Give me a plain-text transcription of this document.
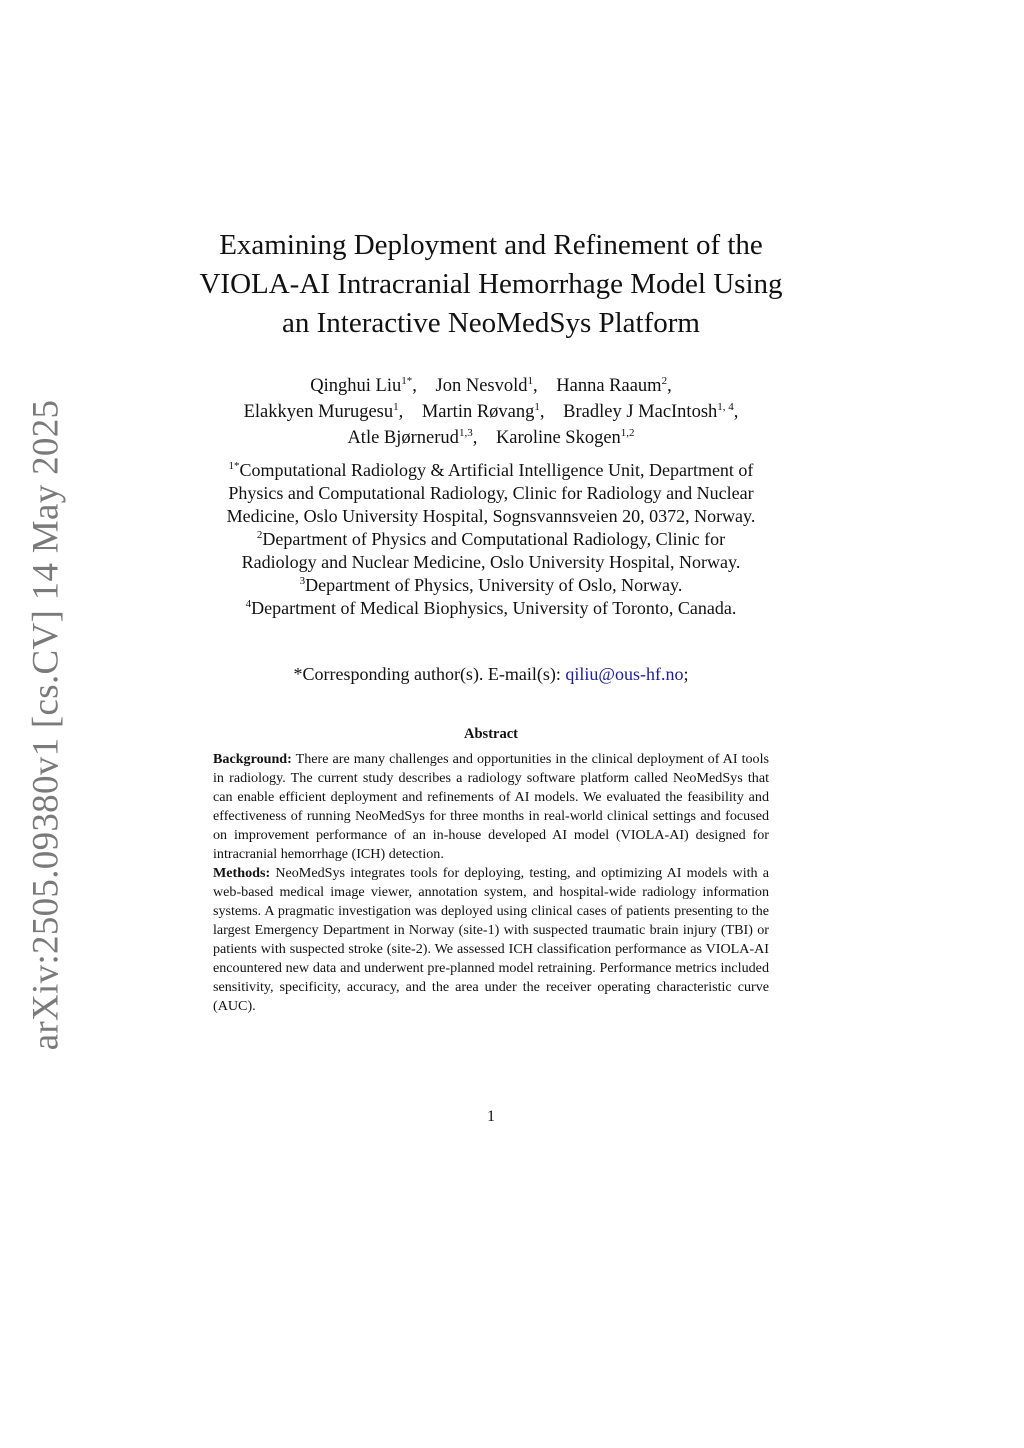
arXiv:2505.09380v1 [cs.CV] 14 May 2025
Examining Deployment and Refinement of the
VIOLA-AI Intracranial Hemorrhage Model Using
an Interactive NeoMedSys Platform
Qinghui Liu$^{1*}$, Jon Nesvold$^1$, Hanna Raaum$^2$,
Elakkyen Murugesu$^1$, Martin Røvang$^1$, Bradley J MacIntosh$^{1, 4}$,
Atle Bjørnerud$^{1,3}$, Karoline Skogen$^{1,2}$
$^{1*}$Computational Radiology & Artificial Intelligence Unit, Department of
Physics and Computational Radiology, Clinic for Radiology and Nuclear
Medicine, Oslo University Hospital, Sognsvannsveien 20, 0372, Norway.
$^2$Department of Physics and Computational Radiology, Clinic for
Radiology and Nuclear Medicine, Oslo University Hospital, Norway.
$^3$Department of Physics, University of Oslo, Norway.
$^4$Department of Medical Biophysics, University of Toronto, Canada.
*Corresponding author(s). E-mail(s): qiliu@ous-hf.no;
Abstract

Background: There are many challenges and opportunities in the clinical deployment of AI tools in radiology. The current study describes a radiology software platform called NeoMedSys that can enable efficient deployment and refinements of AI models. We evaluated the feasibility and effectiveness of running NeoMedSys for three months in real-world clinical settings and focused on improvement performance of an in-house developed AI model (VIOLA-AI) designed for intracranial hemorrhage (ICH) detection.

Methods: NeoMedSys integrates tools for deploying, testing, and optimizing AI models with a web-based medical image viewer, annotation system, and hospital-wide radiology information systems. A pragmatic investigation was deployed using clinical cases of patients presenting to the largest Emergency Department in Norway (site-1) with suspected traumatic brain injury (TBI) or patients with suspected stroke (site-2). We assessed ICH classification performance as VIOLA-AI encountered new data and underwent pre-planned model retraining. Performance metrics included sensitivity, specificity, accuracy, and the area under the receiver operating characteristic curve (AUC).

1
